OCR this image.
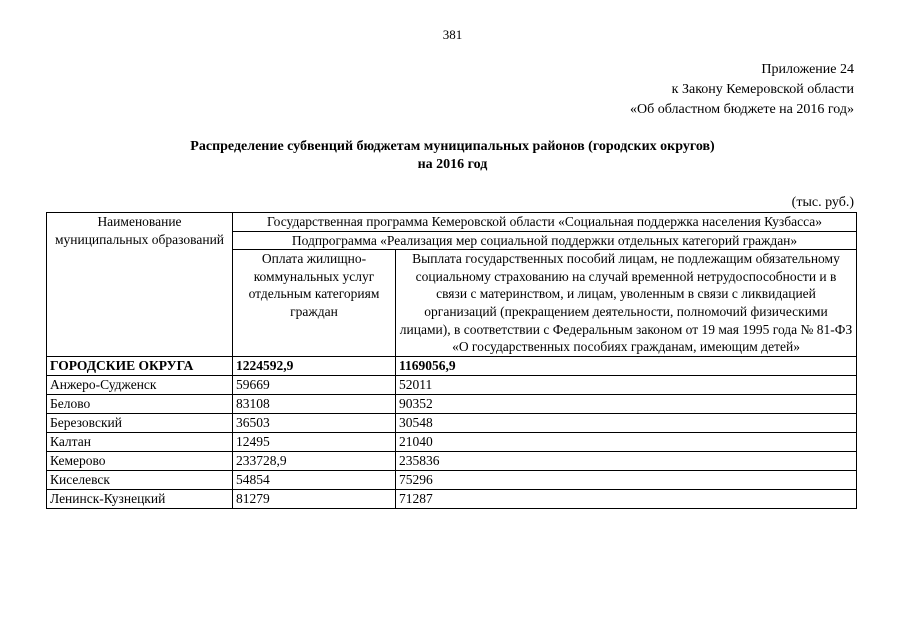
381
Приложение 24
к Закону Кемеровской области
«Об областном бюджете на 2016 год»
Распределение субвенций бюджетам муниципальных районов (городских округов)
на 2016 год
(тыс. руб.)
Наименование муниципальных образований	Государственная программа Кемеровской области «Социальная поддержка населения Кузбасса»	
	Подпрограмма «Реализация мер социальной поддержки отдельных категорий граждан»	
	Оплата жилищно-коммунальных услуг отдельным категориям граждан	Выплата государственных пособий лицам, не подлежащим обязательному социальному страхованию на случай временной нетрудоспособности и в связи с материнством, и лицам, уволенным в связи с ликвидацией организаций (прекращением деятельности, полномочий физическими лицами), в соответствии с Федеральным законом от 19 мая 1995 года № 81-ФЗ «О государственных пособиях гражданам, имеющим детей»
ГОРОДСКИЕ ОКРУГА	1224592,9	1169056,9
Анжеро-Судженск	59669	52011
Белово	83108	90352
Березовский	36503	30548
Калтан	12495	21040
Кемерово	233728,9	235836
Киселевск	54854	75296
Ленинск-Кузнецкий	81279	71287
